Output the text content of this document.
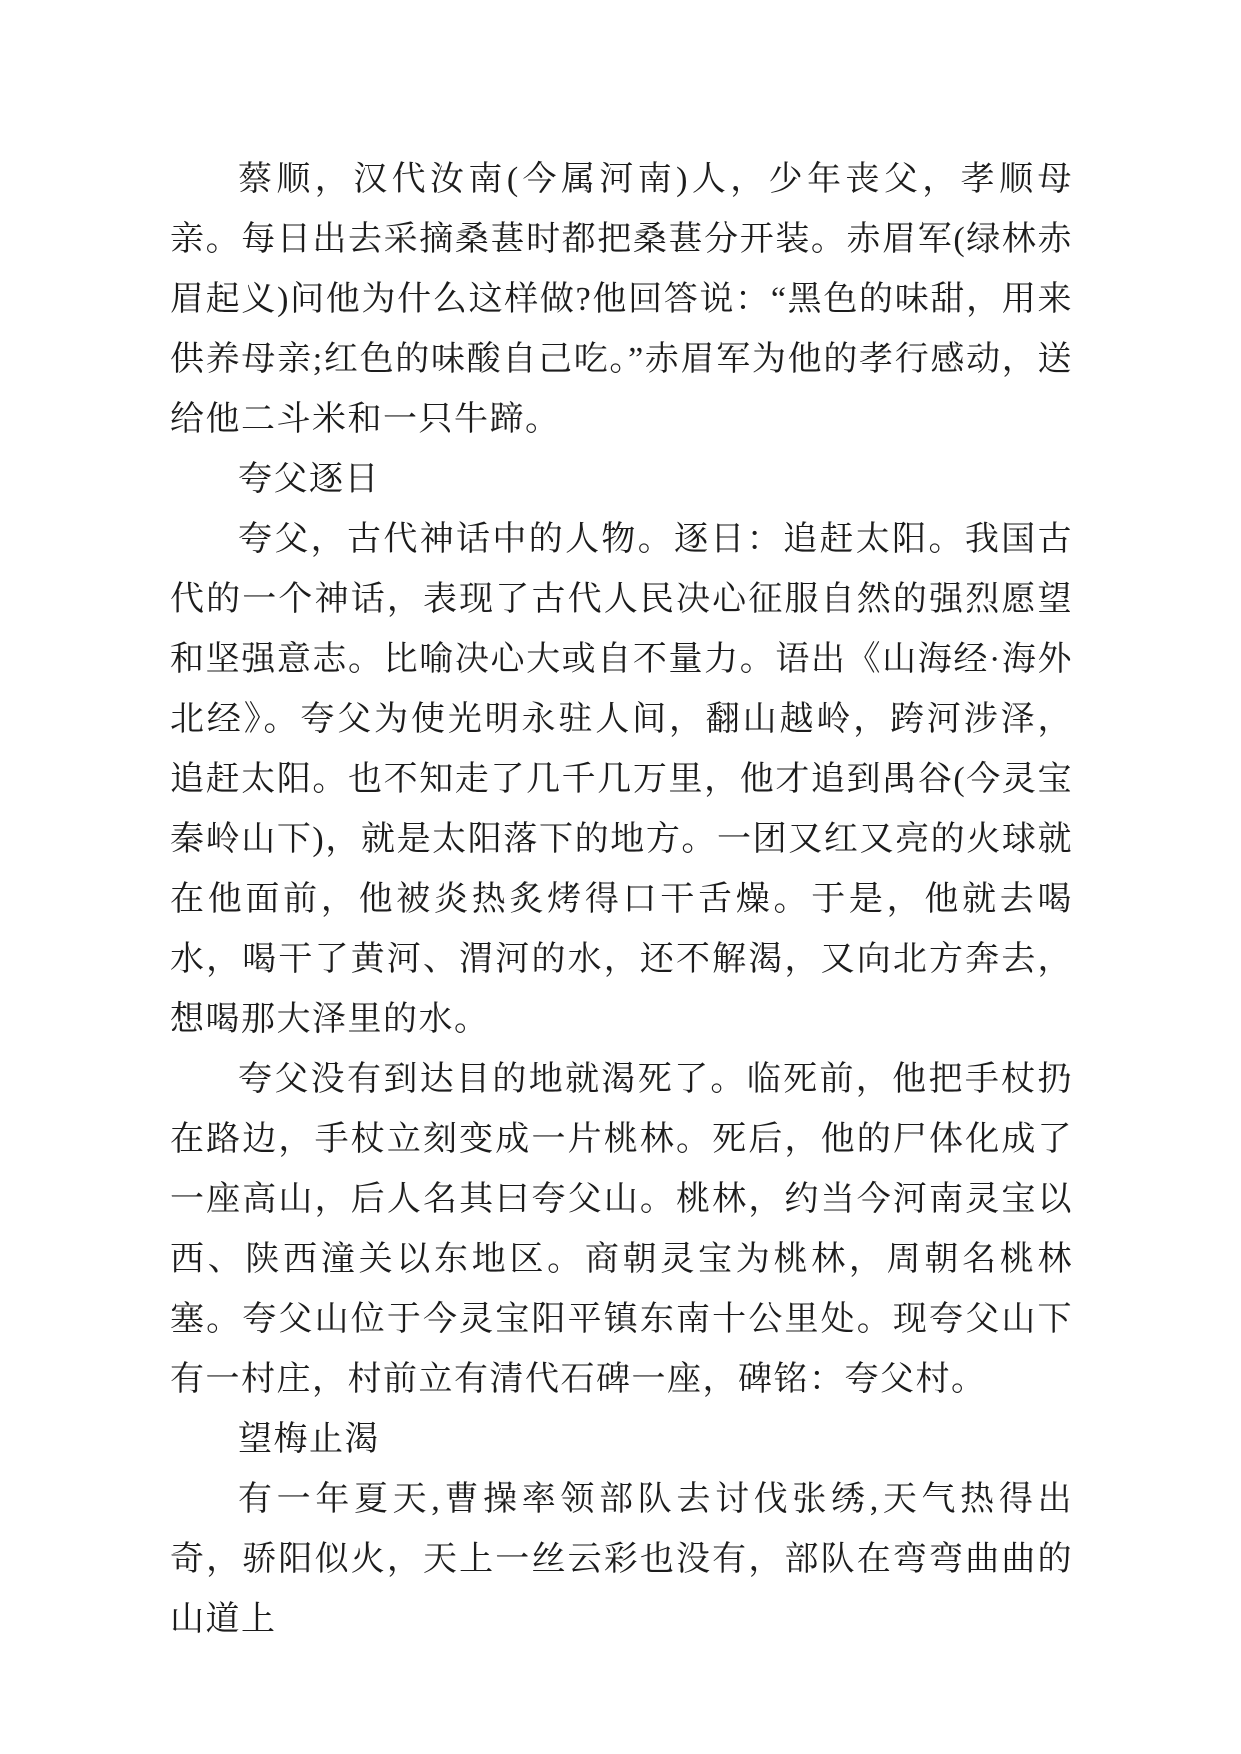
蔡顺，汉代汝南(今属河南)人，少年丧父，孝顺母亲。每日出去采摘桑葚时都把桑葚分开装。赤眉军(绿林赤眉起义)问他为什么这样做?他回答说：“黑色的味甜，用来供养母亲;红色的味酸自己吃。”赤眉军为他的孝行感动，送给他二斗米和一只牛蹄。

夸父逐日

夸父，古代神话中的人物。逐日：追赶太阳。我国古代的一个神话，表现了古代人民决心征服自然的强烈愿望和坚强意志。比喻决心大或自不量力。语出《山海经·海外北经》。夸父为使光明永驻人间，翻山越岭，跨河涉泽，追赶太阳。也不知走了几千几万里，他才追到禺谷(今灵宝秦岭山下)，就是太阳落下的地方。一团又红又亮的火球就在他面前，他被炎热炙烤得口干舌燥。于是，他就去喝水，喝干了黄河、渭河的水，还不解渴，又向北方奔去，想喝那大泽里的水。

夸父没有到达目的地就渴死了。临死前，他把手杖扔在路边，手杖立刻变成一片桃林。死后，他的尸体化成了一座高山，后人名其曰夸父山。桃林，约当今河南灵宝以西、陕西潼关以东地区。商朝灵宝为桃林，周朝名桃林塞。夸父山位于今灵宝阳平镇东南十公里处。现夸父山下有一村庄，村前立有清代石碑一座，碑铭：夸父村。

望梅止渴

有一年夏天,曹操率领部队去讨伐张绣,天气热得出奇，骄阳似火，天上一丝云彩也没有，部队在弯弯曲曲的山道上
